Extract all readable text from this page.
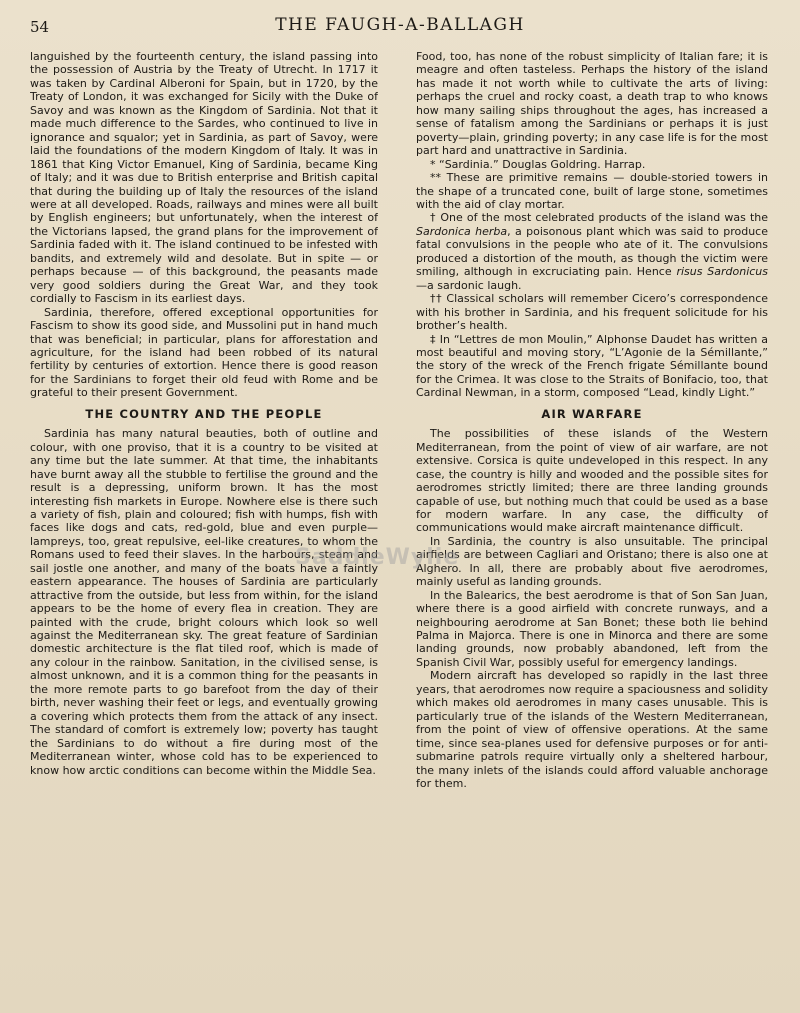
54	THE FAUGH-A-BALLAGH

languished by the fourteenth century, the island passing into the possession of Austria by the Treaty of Utrecht. In 1717 it was taken by Cardinal Alberoni for Spain, but in 1720, by the Treaty of London, it was exchanged for Sicily with the Duke of Savoy and was known as the Kingdom of Sardinia. Not that it made much difference to the Sardes, who continued to live in ignorance and squalor; yet in Sardinia, as part of Savoy, were laid the foundations of the modern Kingdom of Italy. It was in 1861 that King Victor Emanuel, King of Sardinia, became King of Italy; and it was due to British enterprise and British capital that during the building up of Italy the resources of the island were at all developed. Roads, railways and mines were all built by English engineers; but unfortunately, when the interest of the Victorians lapsed, the grand plans for the improvement of Sardinia faded with it. The island continued to be infested with bandits, and extremely wild and desolate. But in spite — or perhaps because — of this background, the peasants made very good soldiers during the Great War, and they took cordially to Fascism in its earliest days.

Sardinia, therefore, offered exceptional opportunities for Fascism to show its good side, and Mussolini put in hand much that was beneficial; in particular, plans for afforestation and agriculture, for the island had been robbed of its natural fertility by centuries of extortion. Hence there is good reason for the Sardinians to forget their old feud with Rome and be grateful to their present Government.

THE COUNTRY AND THE PEOPLE

Sardinia has many natural beauties, both of outline and colour, with one proviso, that it is a country to be visited at any time but the late summer. At that time, the inhabitants have burnt away all the stubble to fertilise the ground and the result is a depressing, uniform brown. It has the most interesting fish markets in Europe. Nowhere else is there such a variety of fish, plain and coloured; fish with humps, fish with faces like dogs and cats, red-gold, blue and even purple—lampreys, too, great repulsive, eel-like creatures, to whom the Romans used to feed their slaves. In the harbours, steam and sail jostle one another, and many of the boats have a faintly eastern appearance. The houses of Sardinia are particularly attractive from the outside, but less from within, for the island appears to be the home of every flea in creation. They are painted with the crude, bright colours which look so well against the Mediterranean sky. The great feature of Sardinian domestic architecture is the flat tiled roof, which is made of any colour in the rainbow. Sanitation, in the civilised sense, is almost unknown, and it is a common thing for the peasants in the more remote parts to go barefoot from the day of their birth, never washing their feet or legs, and eventually growing a covering which protects them from the attack of any insect. The standard of comfort is extremely low; poverty has taught the Sardinians to do without a fire during most of the Mediterranean winter, whose cold has to be experienced to know how arctic conditions can become within the Middle Sea.

Food, too, has none of the robust simplicity of Italian fare; it is meagre and often tasteless. Perhaps the history of the island has made it not worth while to cultivate the arts of living: perhaps the cruel and rocky coast, a death trap to who knows how many sailing ships throughout the ages, has increased a sense of fatalism among the Sardinians or perhaps it is just poverty—plain, grinding poverty; in any case life is for the most part hard and unattractive in Sardinia.

* “Sardinia.” Douglas Goldring. Harrap.

** These are primitive remains — double-storied towers in the shape of a truncated cone, built of large stone, sometimes with the aid of clay mortar.

† One of the most celebrated products of the island was the Sardonica herba, a poisonous plant which was said to produce fatal convulsions in the people who ate of it. The convulsions produced a distortion of the mouth, as though the victim were smiling, although in excruciating pain. Hence risus Sardonicus—a sardonic laugh.

†† Classical scholars will remember Cicero’s correspondence with his brother in Sardinia, and his frequent solicitude for his brother’s health.

‡ In “Lettres de mon Moulin,” Alphonse Daudet has written a most beautiful and moving story, “L’Agonie de la Sémillante,” the story of the wreck of the French frigate Sémillante bound for the Crimea. It was close to the Straits of Bonifacio, too, that Cardinal Newman, in a storm, composed “Lead, kindly Light.”

AIR WARFARE

The possibilities of these islands of the Western Mediterranean, from the point of view of air warfare, are not extensive. Corsica is quite undeveloped in this respect. In any case, the country is hilly and wooded and the possible sites for aerodromes strictly limited; there are three landing grounds capable of use, but nothing much that could be used as a base for modern warfare. In any case, the difficulty of communications would make aircraft maintenance difficult.

In Sardinia, the country is also unsuitable. The principal airfields are between Cagliari and Oristano; there is also one at Alghero. In all, there are probably about five aerodromes, mainly useful as landing grounds.

In the Balearics, the best aerodrome is that of Son San Juan, where there is a good airfield with concrete runways, and a neighbouring aerodrome at San Bonet; these both lie behind Palma in Majorca. There is one in Minorca and there are some landing grounds, now probably abandoned, left from the Spanish Civil War, possibly useful for emergency landings.

Modern aircraft has developed so rapidly in the last three years, that aerodromes now require a spaciousness and solidity which makes old aerodromes in many cases unusable. This is particularly true of the islands of the Western Mediterranean, from the point of view of offensive operations. At the same time, since sea-planes used for defensive purposes or for anti-submarine patrols require virtually only a sheltered harbour, the many inlets of the islands could afford valuable anchorage for them.

SaddleWylie
